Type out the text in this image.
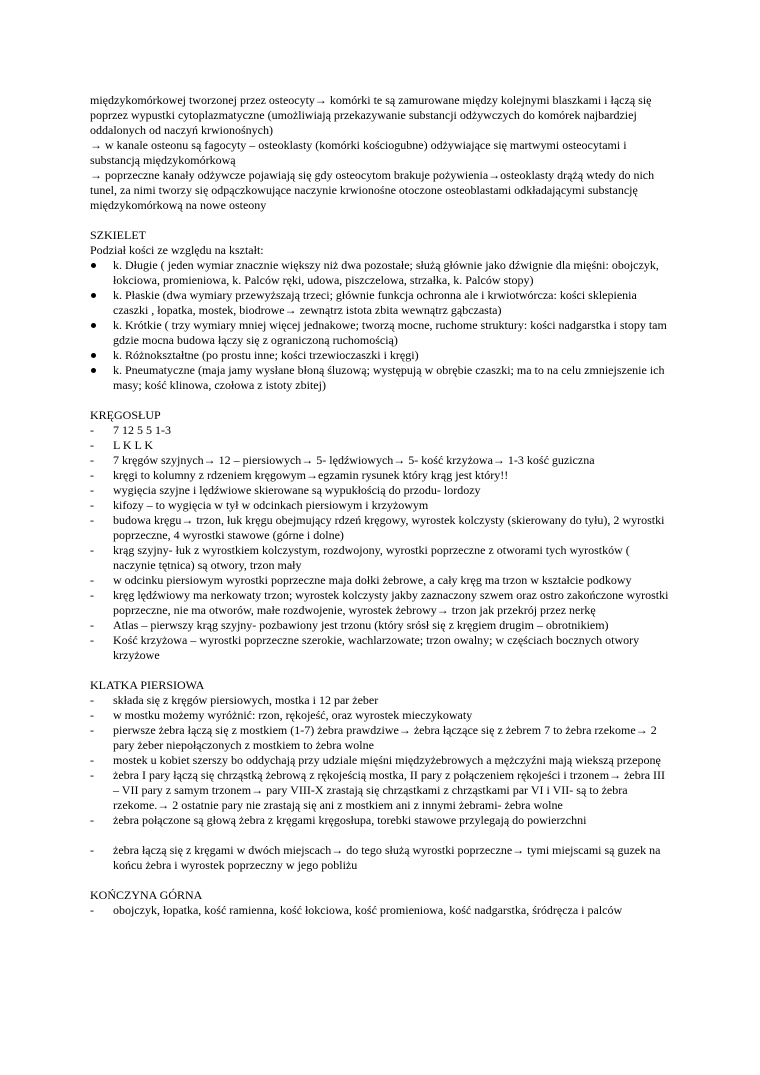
międzykomórkowej tworzonej przez osteocyty→ komórki te są zamurowane między kolejnymi blaszkami i łączą się poprzez wypustki cytoplazmatyczne (umożliwiają przekazywanie substancji odżywczych do komórek najbardziej oddalonych od naczyń krwionośnych)

→ w kanale osteonu są fagocyty – osteoklasty (komórki kościogubne) odżywiające się martwymi osteocytami i substancją międzykomórkową

→ poprzeczne kanały odżywcze pojawiają się gdy osteocytom brakuje pożywienia→osteoklasty drążą wtedy do nich tunel, za nimi tworzy się odpączkowujące naczynie krwionośne otoczone osteoblastami odkładającymi substancję międzykomórkową na nowe osteony

SZKIELET

Podział kości ze względu na kształt:

k. Długie ( jeden wymiar znacznie większy niż dwa pozostałe; służą głównie jako dźwignie dla mięśni: obojczyk, łokciowa, promieniowa, k. Palców ręki, udowa, piszczelowa, strzałka, k. Palców stopy)
k. Płaskie (dwa wymiary przewyższają trzeci; głównie funkcja ochronna ale i krwiotwórcza: kości sklepienia czaszki , łopatka, mostek, biodrowe→ zewnątrz istota zbita wewnątrz gąbczasta)
k. Krótkie ( trzy wymiary mniej więcej jednakowe; tworzą mocne, ruchome struktury: kości nadgarstka i stopy tam gdzie mocna budowa łączy się z ograniczoną ruchomością)
k. Różnokształtne (po prostu inne; kości trzewioczaszki i kręgi)
k. Pneumatyczne (maja jamy wysłane błoną śluzową; występują w obrębie czaszki; ma to na celu zmniejszenie ich masy; kość klinowa, czołowa z istoty zbitej)

KRĘGOSŁUP

- 7 12 5 5 1-3
- L K L K
- 7 kręgów szyjnych→ 12 – piersiowych→ 5- lędźwiowych→ 5- kość krzyżowa→ 1-3 kość guziczna
- kręgi to kolumny z rdzeniem kręgowym→egzamin rysunek który krąg jest który!!
- wygięcia szyjne i lędźwiowe skierowane są wypukłością do przodu- lordozy
- kifozy – to wygięcia w tył w odcinkach piersiowym i krzyżowym
- budowa kręgu→ trzon, łuk kręgu obejmujący rdzeń kręgowy, wyrostek kolczysty (skierowany do tyłu), 2 wyrostki poprzeczne, 4 wyrostki stawowe (górne i dolne)
- krąg szyjny- łuk z wyrostkiem kolczystym, rozdwojony, wyrostki poprzeczne z otworami tych wyrostków ( naczynie tętnica) są otwory, trzon mały
- w odcinku piersiowym wyrostki poprzeczne maja dołki żebrowe, a cały kręg ma trzon w kształcie podkowy
- kręg lędźwiowy ma nerkowaty trzon; wyrostek kolczysty jakby zaznaczony szwem oraz ostro zakończone wyrostki poprzeczne, nie ma otworów, małe rozdwojenie, wyrostek żebrowy→ trzon jak przekrój przez nerkę
- Atlas – pierwszy krąg szyjny- pozbawiony jest trzonu (który srósł się z kręgiem drugim – obrotnikiem)
- Kość krzyżowa – wyrostki poprzeczne szerokie, wachlarzowate; trzon owalny; w częściach bocznych otwory krzyżowe

KLATKA PIERSIOWA

- składa się z kręgów piersiowych, mostka i 12 par żeber
- w mostku możemy wyróżnić: rzon, rękojeść, oraz wyrostek mieczykowaty
- pierwsze żebra łączą się z mostkiem (1-7) żebra prawdziwe→ żebra łączące się z żebrem 7 to żebra rzekome→ 2 pary żeber niepołączonych z mostkiem to żebra wolne
- mostek u kobiet szerszy bo oddychają przy udziale mięśni międzyżebrowych a mężczyźni mają wiekszą przeponę
- żebra I pary łączą się chrząstką żebrową z rękojeścią mostka, II pary z połączeniem rękojeści i trzonem→ żebra III – VII pary z samym trzonem→ pary VIII-X zrastają się chrząstkami z chrząstkami par VI i VII- są to żebra rzekome.→ 2 ostatnie pary nie zrastają się ani z mostkiem ani z innymi żebrami- żebra wolne
- żebra połączone są głową żebra z kręgami kręgosłupa, torebki stawowe przylegają do powierzchni
- żebra łączą się z kręgami w dwóch miejscach→ do tego służą wyrostki poprzeczne→ tymi miejscami są guzek na końcu żebra i wyrostek poprzeczny w jego pobliżu

KOŃCZYNA GÓRNA

- obojczyk, łopatka, kość ramienna, kość łokciowa, kość promieniowa, kość nadgarstka, śródręcza i palców
